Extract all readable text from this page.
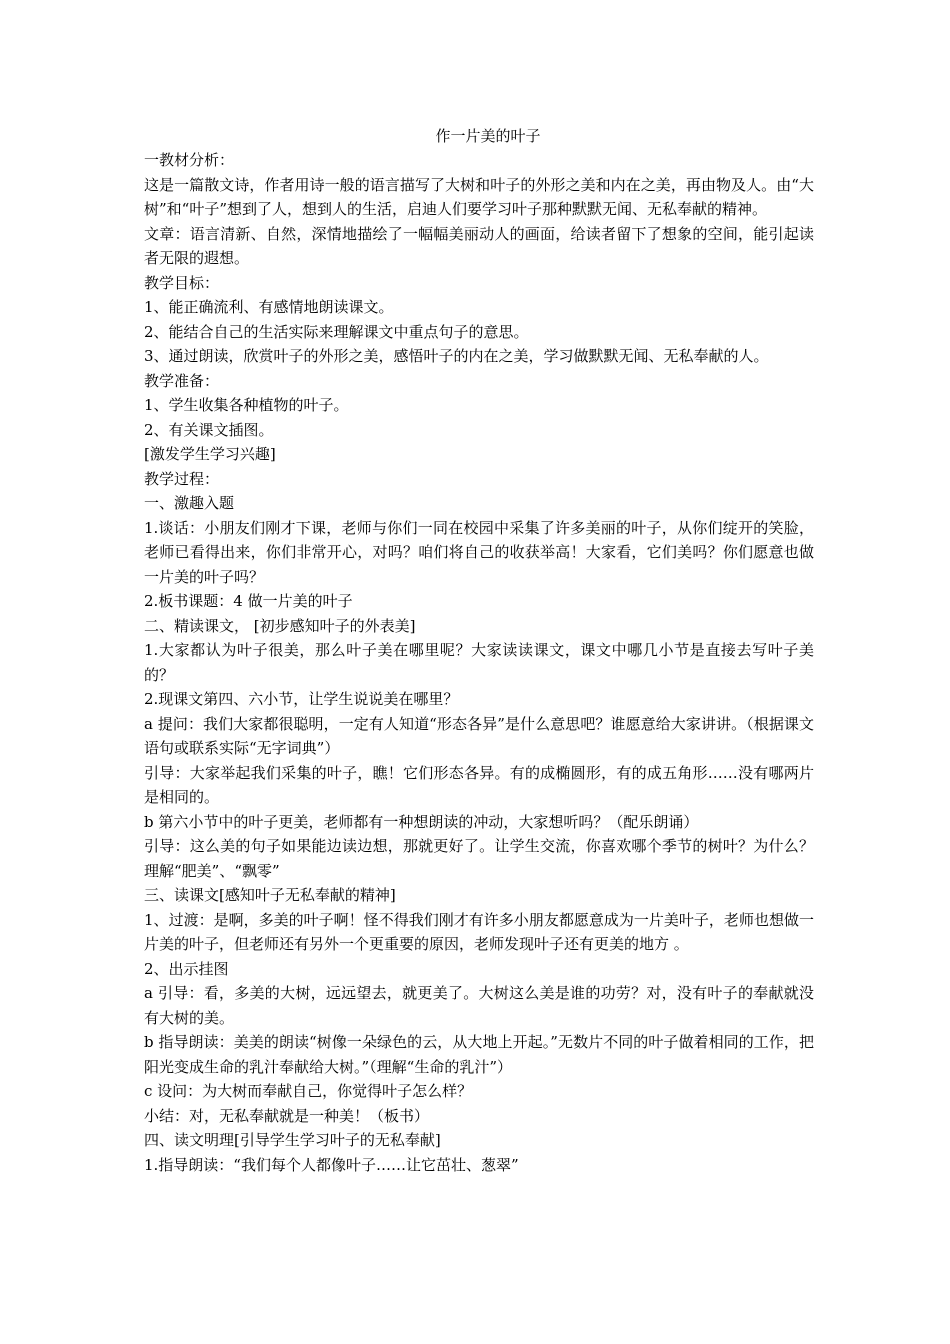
作一片美的叶子

一教材分析：

这是一篇散文诗，作者用诗一般的语言描写了大树和叶子的外形之美和内在之美，再由物及人。由“大树”和“叶子”想到了人，想到人的生活，启迪人们要学习叶子那种默默无闻、无私奉献的精神。

文章：语言清新、自然，深情地描绘了一幅幅美丽动人的画面，给读者留下了想象的空间，能引起读者无限的遐想。

教学目标：

1、能正确流利、有感情地朗读课文。

2、能结合自己的生活实际来理解课文中重点句子的意思。

3、通过朗读，欣赏叶子的外形之美，感悟叶子的内在之美，学习做默默无闻、无私奉献的人。

教学准备：

1、学生收集各种植物的叶子。

2、有关课文插图。

[激发学生学习兴趣]

教学过程：

一、激趣入题

1.谈话：小朋友们刚才下课，老师与你们一同在校园中采集了许多美丽的叶子，从你们绽开的笑脸，老师已看得出来，你们非常开心，对吗？咱们将自己的收获举高！大家看，它们美吗？你们愿意也做一片美的叶子吗？

2.板书课题：4 做一片美的叶子

二、精读课文， [初步感知叶子的外表美]

1.大家都认为叶子很美，那么叶子美在哪里呢？大家读读课文，课文中哪几小节是直接去写叶子美的？

2.现课文第四、六小节，让学生说说美在哪里？

a 提问：我们大家都很聪明，一定有人知道“形态各异”是什么意思吧？谁愿意给大家讲讲。（根据课文语句或联系实际“无字词典”）

引导：大家举起我们采集的叶子，瞧！它们形态各异。有的成椭圆形，有的成五角形……没有哪两片是相同的。

b 第六小节中的叶子更美，老师都有一种想朗读的冲动，大家想听吗？（配乐朗诵）

引导：这么美的句子如果能边读边想，那就更好了。让学生交流，你喜欢哪个季节的树叶？为什么？理解“肥美”、“飘零”

三、读课文[感知叶子无私奉献的精神]

1、过渡：是啊，多美的叶子啊！怪不得我们刚才有许多小朋友都愿意成为一片美叶子，老师也想做一片美的叶子，但老师还有另外一个更重要的原因，老师发现叶子还有更美的地方 。

2、出示挂图

a 引导：看，多美的大树，远远望去，就更美了。大树这么美是谁的功劳？对，没有叶子的奉献就没有大树的美。

b 指导朗读：美美的朗读“树像一朵绿色的云，从大地上开起。”无数片不同的叶子做着相同的工作，把阳光变成生命的乳汁奉献给大树。”（理解“生命的乳汁”）

c 设问：为大树而奉献自己，你觉得叶子怎么样？

小结：对，无私奉献就是一种美！（板书）

四、读文明理[引导学生学习叶子的无私奉献]

1.指导朗读：“我们每个人都像叶子……让它茁壮、葱翠”
